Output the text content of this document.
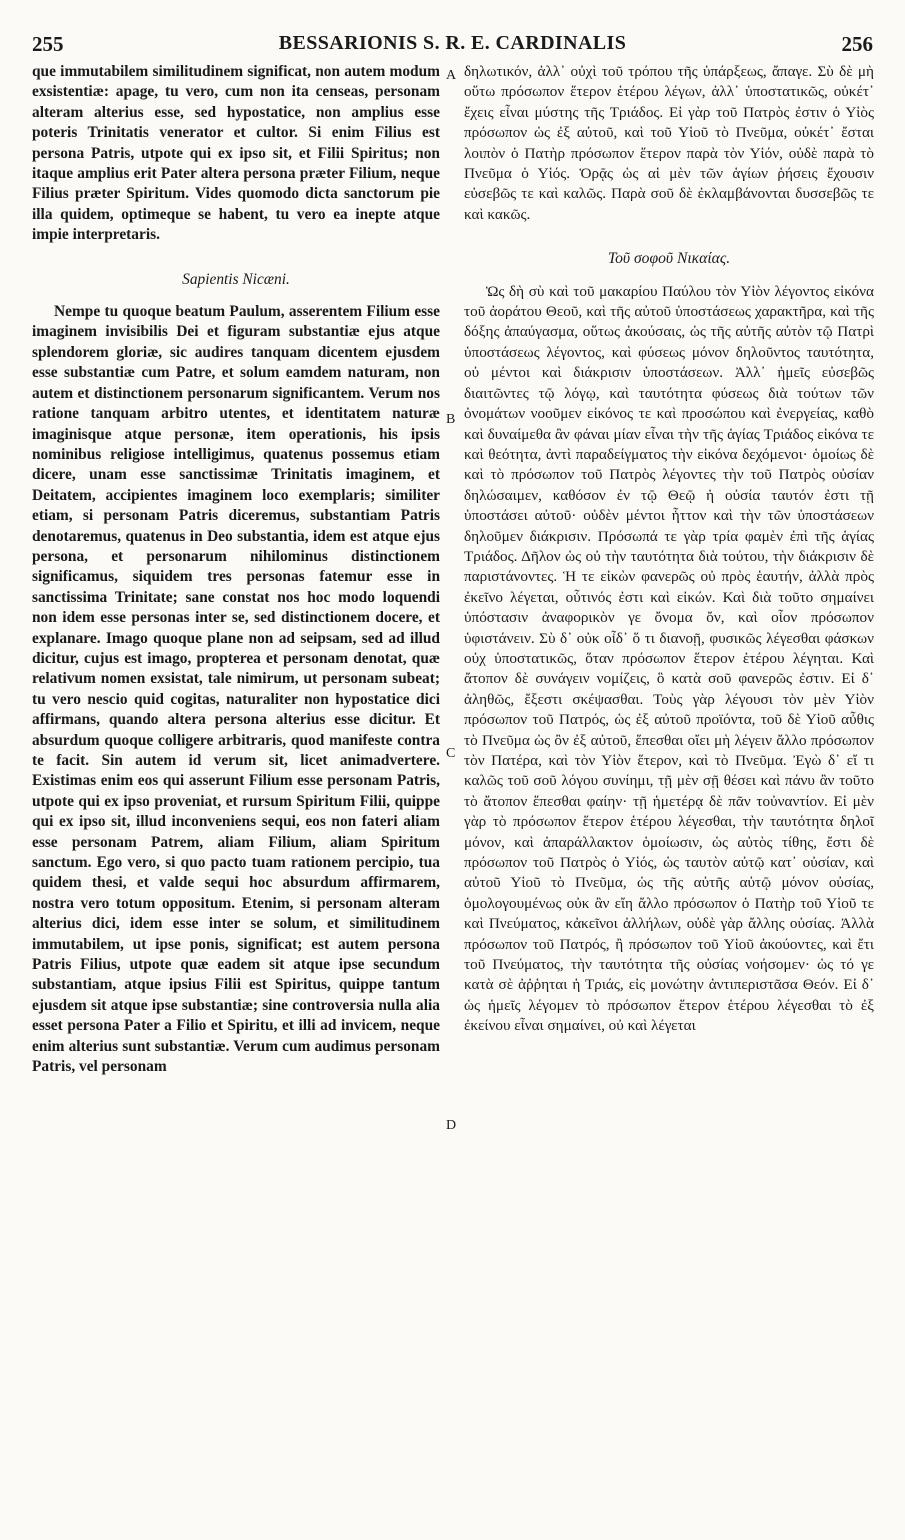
255	BESSARIONIS S. R. E. CARDINALIS	256
A
B
C
D

que immutabilem similitudinem significat, non autem modum exsistentiæ: apage, tu vero, cum non ita censeas, personam alteram alterius esse, sed hypostatice, non amplius esse poteris Trinitatis venerator et cultor. Si enim Filius est persona Patris, utpote qui ex ipso sit, et Filii Spiritus; non itaque amplius erit Pater altera persona præter Filium, neque Filius præter Spiritum. Vides quomodo dicta sanctorum pie illa quidem, optimeque se habent, tu vero ea inepte atque impie interpretaris.

Sapientis Nicæni.

Nempe tu quoque beatum Paulum, asserentem Filium esse imaginem invisibilis Dei et figuram substantiæ ejus atque splendorem gloriæ, sic audires tanquam dicentem ejusdem esse substantiæ cum Patre, et solum eamdem naturam, non autem et distinctionem personarum significantem. Verum nos ratione tanquam arbitro utentes, et identitatem naturæ imaginisque atque personæ, item operationis, his ipsis nominibus religiose intelligimus, quatenus possemus etiam dicere, unam esse sanctissimæ Trinitatis imaginem, et Deitatem, accipientes imaginem loco exemplaris; similiter etiam, si personam Patris diceremus, substantiam Patris denotaremus, quatenus in Deo substantia, idem est atque ejus persona, et personarum nihilominus distinctionem significamus, siquidem tres personas fatemur esse in sanctissima Trinitate; sane constat nos hoc modo loquendi non idem esse personas inter se, sed distinctionem docere, et explanare. Imago quoque plane non ad seipsam, sed ad illud dicitur, cujus est imago, propterea et personam denotat, quæ relativum nomen exsistat, tale nimirum, ut personam subeat; tu vero nescio quid cogitas, naturaliter non hypostatice dici affirmans, quando altera persona alterius esse dicitur. Et absurdum quoque colligere arbitraris, quod manifeste contra te facit. Sin autem id verum sit, licet animadvertere. Existimas enim eos qui asserunt Filium esse personam Patris, utpote qui ex ipso proveniat, et rursum Spiritum Filii, quippe qui ex ipso sit, illud inconveniens sequi, eos non fateri aliam esse personam Patrem, aliam Filium, aliam Spiritum sanctum. Ego vero, si quo pacto tuam rationem percipio, tua quidem thesi, et valde sequi hoc absurdum affirmarem, nostra vero totum oppositum. Etenim, si personam alteram alterius dici, idem esse inter se solum, et similitudinem immutabilem, ut ipse ponis, significat; est autem persona Patris Filius, utpote quæ eadem sit atque ipse secundum substantiam, atque ipsius Filii est Spiritus, quippe tantum ejusdem sit atque ipse substantiæ; sine controversia nulla alia esset persona Pater a Filio et Spiritu, et illi ad invicem, neque enim alterius sunt substantiæ. Verum cum audimus personam Patris, vel personam

δηλωτικόν, ἀλλ᾽ οὐχὶ τοῦ τρόπου τῆς ὑπάρξεως, ἄπαγε. Σὺ δὲ μὴ οὕτω πρόσωπον ἕτερον ἑτέρου λέγων, ἀλλ᾽ ὑποστατικῶς, οὐκέτ᾽ ἔχεις εἶναι μύστης τῆς Τριάδος. Εἰ γὰρ τοῦ Πατρὸς ἐστιν ὁ Υἱὸς πρόσωπον ὡς ἐξ αὐτοῦ, καὶ τοῦ Υἱοῦ τὸ Πνεῦμα, οὐκέτ᾽ ἔσται λοιπὸν ὁ Πατὴρ πρόσωπον ἕτερον παρὰ τὸν Υἱόν, οὐδὲ παρὰ τὸ Πνεῦμα ὁ Υἱός. Ὁρᾷς ὡς αἱ μὲν τῶν ἁγίων ῥήσεις ἔχουσιν εὐσεβῶς τε καὶ καλῶς. Παρὰ σοῦ δὲ ἐκλαμβάνονται δυσσεβῶς τε καὶ κακῶς.

Τοῦ σοφοῦ Νικαίας.

Ὡς δὴ σὺ καὶ τοῦ μακαρίου Παύλου τὸν Υἱὸν λέγοντος εἰκόνα τοῦ ἀοράτου Θεοῦ, καὶ τῆς αὐτοῦ ὑποστάσεως χαρακτῆρα, καὶ τῆς δόξης ἀπαύγασμα, οὕτως ἀκούσαις, ὡς τῆς αὐτῆς αὐτὸν τῷ Πατρὶ ὑποστάσεως λέγοντος, καὶ φύσεως μόνον δηλοῦντος ταυτότητα, οὐ μέντοι καὶ διάκρισιν ὑποστάσεων. Ἀλλ᾽ ἡμεῖς εὐσεβῶς διαιτῶντες τῷ λόγῳ, καὶ ταυτότητα φύσεως διὰ τούτων τῶν ὀνομάτων νοοῦμεν εἰκόνος τε καὶ προσώπου καὶ ἐνεργείας, καθὸ καὶ δυναίμεθα ἂν φάναι μίαν εἶναι τὴν τῆς ἁγίας Τριάδος εἰκόνα τε καὶ θεότητα, ἀντὶ παραδείγματος τὴν εἰκόνα δεχόμενοι· ὁμοίως δὲ καὶ τὸ πρόσωπον τοῦ Πατρὸς λέγοντες τὴν τοῦ Πατρὸς οὐσίαν δηλώσαιμεν, καθόσον ἐν τῷ Θεῷ ἡ οὐσία ταυτόν ἐστι τῇ ὑποστάσει αὐτοῦ· οὐδὲν μέντοι ἧττον καὶ τὴν τῶν ὑποστάσεων δηλοῦμεν διάκρισιν. Πρόσωπά τε γὰρ τρία φαμὲν ἐπὶ τῆς ἁγίας Τριάδος. Δῆλον ὡς οὐ τὴν ταυτότητα διὰ τούτου, τὴν διάκρισιν δὲ παριστάνοντες. Ἡ τε εἰκὼν φανερῶς οὐ πρὸς ἑαυτήν, ἀλλὰ πρὸς ἐκεῖνο λέγεται, οὗτινός ἐστι καὶ εἰκών. Καὶ διὰ τοῦτο σημαίνει ὑπόστασιν ἀναφορικὸν γε ὄνομα ὄν, καὶ οἷον πρόσωπον ὑφιστάνειν. Σὺ δ᾽ οὐκ οἶδ᾽ ὅ τι διανοῇ, φυσικῶς λέγεσθαι φάσκων οὐχ ὑποστατικῶς, ὅταν πρόσωπον ἕτερον ἑτέρου λέγηται. Καὶ ἄτοπον δὲ συνάγειν νομίζεις, ὃ κατὰ σοῦ φανερῶς ἐστιν. Εἰ δ᾽ ἀληθῶς, ἔξεστι σκέψασθαι. Τοὺς γὰρ λέγουσι τὸν μὲν Υἱὸν πρόσωπον τοῦ Πατρός, ὡς ἐξ αὐτοῦ προϊόντα, τοῦ δὲ Υἱοῦ αὖθις τὸ Πνεῦμα ὡς ὂν ἐξ αὐτοῦ, ἕπεσθαι οἴει μὴ λέγειν ἄλλο πρόσωπον τὸν Πατέρα, καὶ τὸν Υἱὸν ἕτερον, καὶ τὸ Πνεῦμα. Ἐγὼ δ᾽ εἴ τι καλῶς τοῦ σοῦ λόγου συνίημι, τῇ μὲν σῇ θέσει καὶ πάνυ ἂν τοῦτο τὸ ἄτοπον ἕπεσθαι φαίην· τῇ ἡμετέρᾳ δὲ πᾶν τοὐναντίον. Εἰ μὲν γὰρ τὸ πρόσωπον ἕτερον ἑτέρου λέγεσθαι, τὴν ταυτότητα δηλοῖ μόνον, καὶ ἀπαράλλακτον ὁμοίωσιν, ὡς αὐτὸς τίθης, ἔστι δὲ πρόσωπον τοῦ Πατρὸς ὁ Υἱός, ὡς ταυτὸν αὐτῷ κατ᾽ οὐσίαν, καὶ αὐτοῦ Υἱοῦ τὸ Πνεῦμα, ὡς τῆς αὐτῆς αὐτῷ μόνον οὐσίας, ὁμολογουμένως οὐκ ἂν εἴη ἄλλο πρόσωπον ὁ Πατὴρ τοῦ Υἱοῦ τε καὶ Πνεύματος, κἀκεῖνοι ἀλλήλων, οὐδὲ γὰρ ἄλλης οὐσίας. Ἀλλὰ πρόσωπον τοῦ Πατρός, ἢ πρόσωπον τοῦ Υἱοῦ ἀκούοντες, καὶ ἔτι τοῦ Πνεύματος, τὴν ταυτότητα τῆς οὐσίας νοήσομεν· ὡς τό γε κατὰ σὲ ἀῤῥηται ἡ Τριάς, εἰς μονώτην ἀντιπεριστᾶσα Θεόν. Εἰ δ᾽ ὡς ἡμεῖς λέγομεν τὸ πρόσωπον ἕτερον ἑτέρου λέγεσθαι τὸ ἐξ ἐκείνου εἶναι σημαίνει, οὐ καὶ λέγεται
